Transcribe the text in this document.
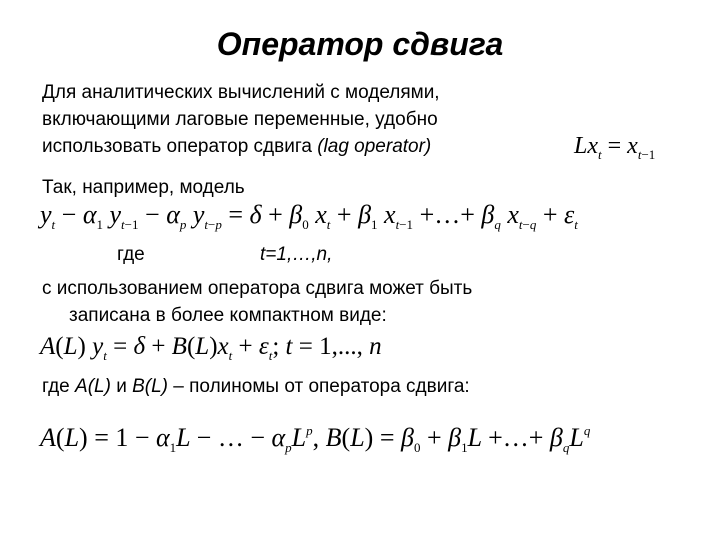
Оператор сдвига
Для аналитических вычислений с моделями,
включающими лаговые переменные, удобно
использовать оператор сдвига (lag operator)	$Lx_t = x_{t-1}$
Так, например, модель
$y_t - \alpha_1$ $y_{t-1} - \alpha_p$ $y_{t-p} = \delta + \beta_0$ $x_t + \beta_1$ $x_{t-1}$ +…+ $\beta_q$ $x_{t-q} + \varepsilon_t$
где	t=1,…,n,
с использованием оператора сдвига может быть
записана в более компактном виде:
A(L) $y_t = \delta + B(L)x_t + \varepsilon_t$; t = 1,..., n
где A(L) и B(L) – полиномы от оператора сдвига:
$A(L) = 1 - \alpha_1L$ − … − $\alpha_pL^p$, $B(L) = \beta_0 + \beta_1L$ +…+ $\beta_qL^q$
